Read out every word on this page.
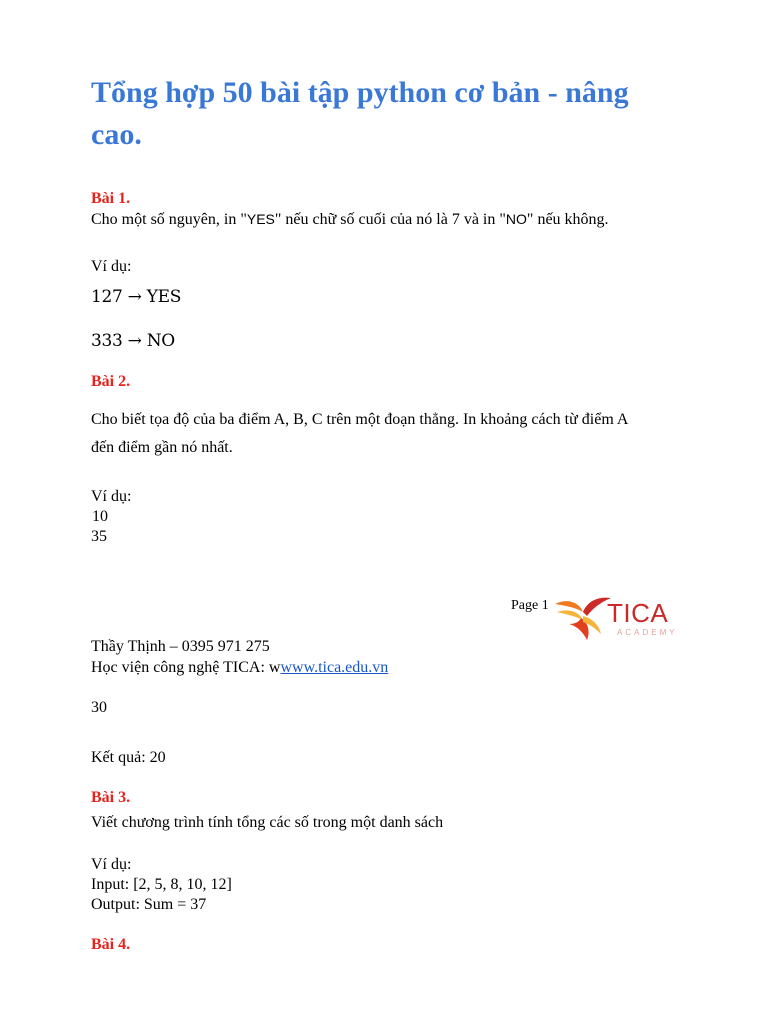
Tổng hợp 50 bài tập python cơ bản - nâng
cao.
Bài 1.
Cho một số nguyên, in "YES" nếu chữ số cuối của nó là 7 và in "NO" nếu không.
Ví dụ:
127 → YES
333 → NO
Bài 2.
Cho biết tọa độ của ba điểm A, B, C trên một đoạn thẳng. In khoảng cách từ điểm A
đến điểm gần nó nhất.
Ví dụ:
10
35
Page 1 TICA
ACADEMY
Thầy Thịnh – 0395 971 275
Học viện công nghệ TICA: wwww.tica.edu.vn
30
Kết quả: 20
Bài 3.
Viết chương trình tính tổng các số trong một danh sách
Ví dụ:
Input: [2, 5, 8, 10, 12]
Output: Sum = 37
Bài 4.
